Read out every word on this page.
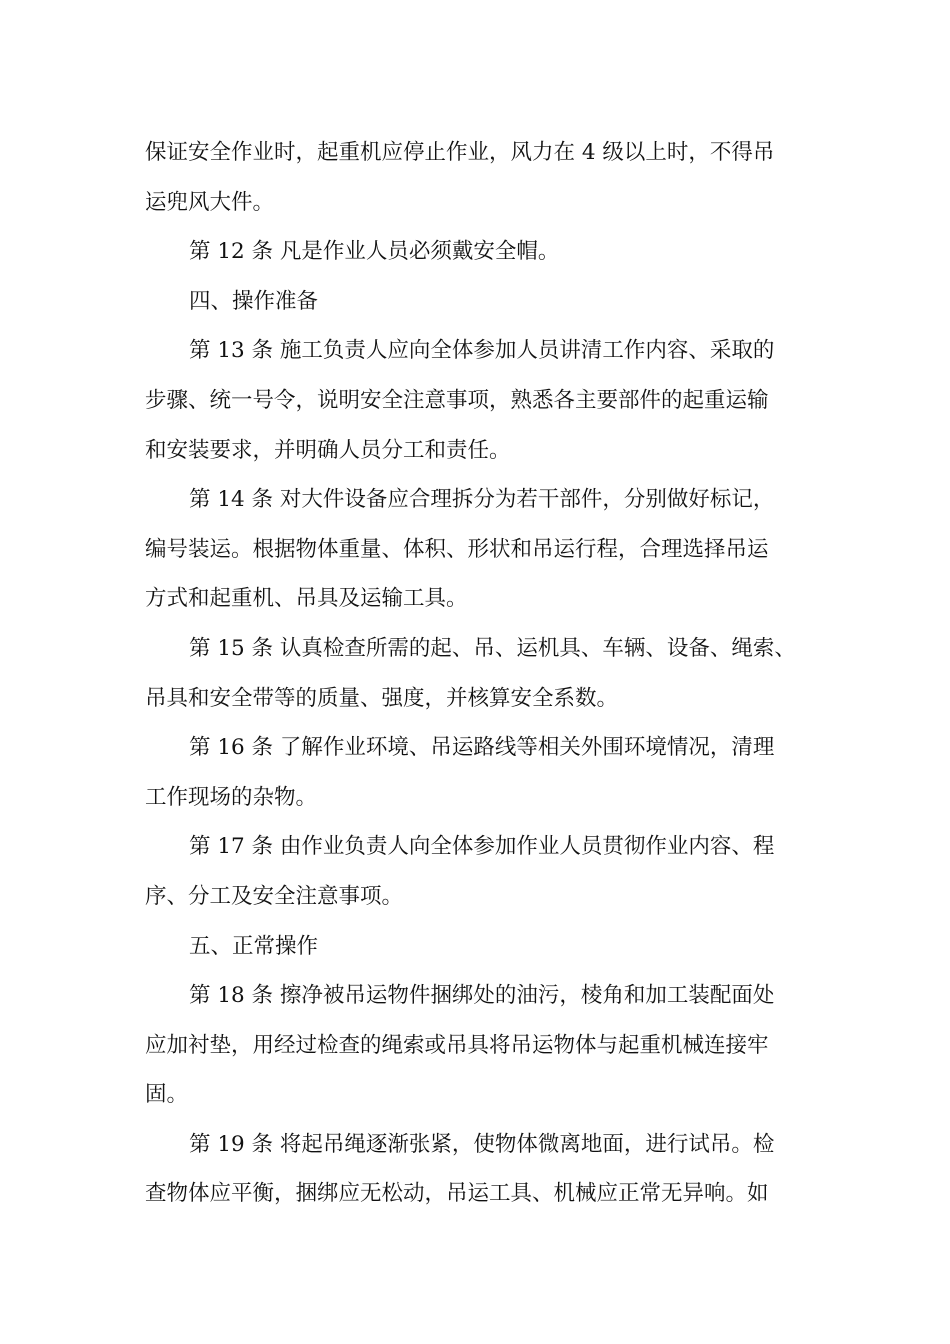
保证安全作业时，起重机应停止作业，风力在 4 级以上时，不得吊
运兜风大件。
第 12 条 凡是作业人员必须戴安全帽。
四、操作准备
第 13 条 施工负责人应向全体参加人员讲清工作内容、采取的
步骤、统一号令，说明安全注意事项，熟悉各主要部件的起重运输
和安装要求，并明确人员分工和责任。
第 14 条 对大件设备应合理拆分为若干部件，分别做好标记，
编号装运。根据物体重量、体积、形状和吊运行程，合理选择吊运
方式和起重机、吊具及运输工具。
第 15 条 认真检查所需的起、吊、运机具、车辆、设备、绳索、
吊具和安全带等的质量、强度，并核算安全系数。
第 16 条 了解作业环境、吊运路线等相关外围环境情况，清理
工作现场的杂物。
第 17 条 由作业负责人向全体参加作业人员贯彻作业内容、程
序、分工及安全注意事项。
五、正常操作
第 18 条 擦净被吊运物件捆绑处的油污，棱角和加工装配面处
应加衬垫，用经过检查的绳索或吊具将吊运物体与起重机械连接牢
固。
第 19 条 将起吊绳逐渐张紧，使物体微离地面，进行试吊。检
查物体应平衡，捆绑应无松动，吊运工具、机械应正常无异响。如
